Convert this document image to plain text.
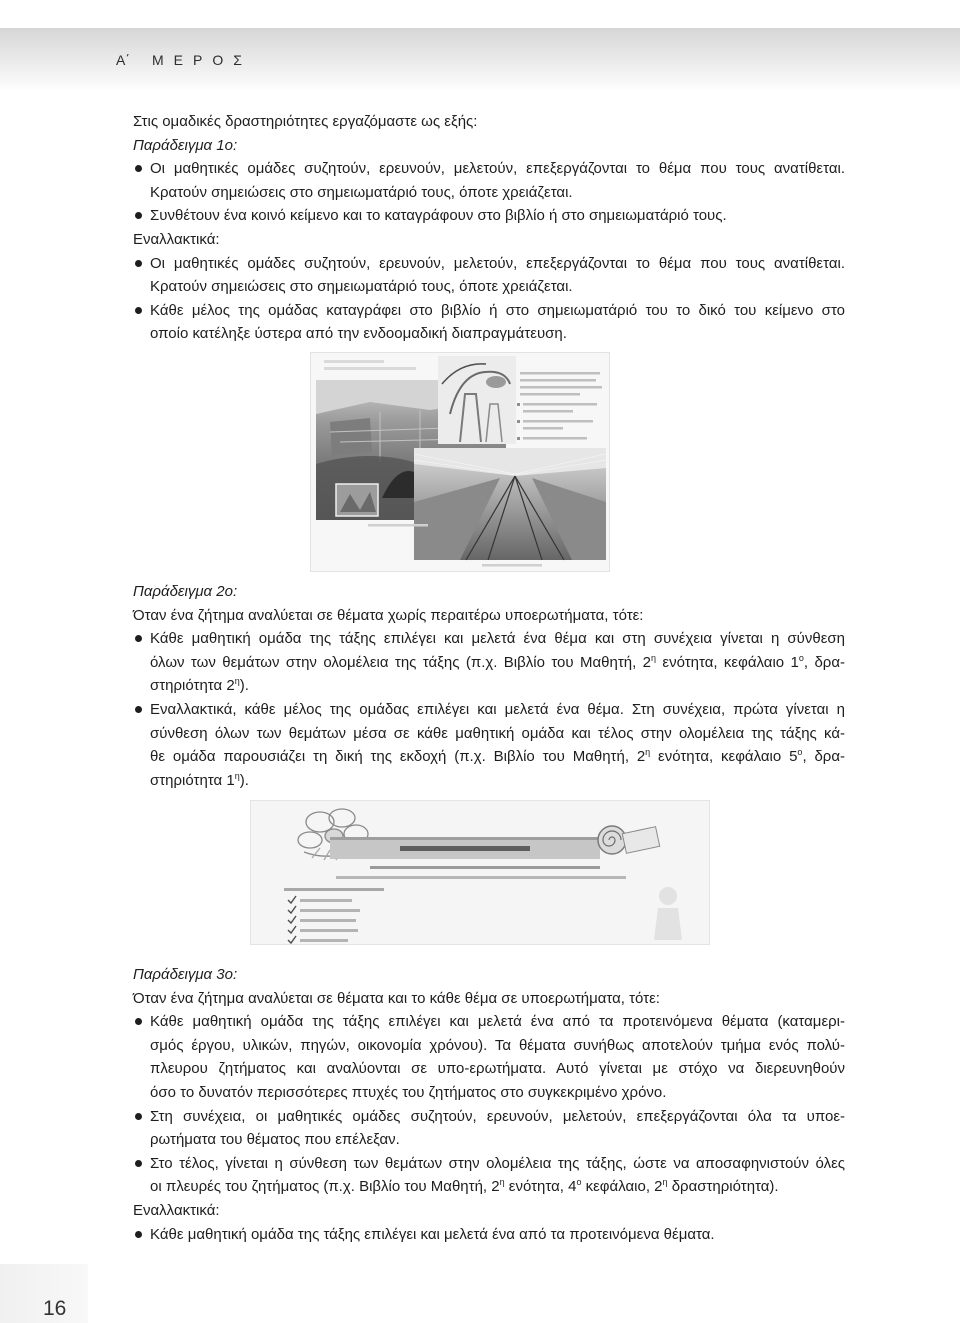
Α΄ ΜΕΡΟΣ
Στις ομαδικές δραστηριότητες εργαζόμαστε ως εξής:
Παράδειγμα 1ο:
Οι μαθητικές ομάδες συζητούν, ερευνούν, μελετούν, επεξεργάζονται το θέμα που τους ανατίθεται.
Κρατούν σημειώσεις στο σημειωματάριό τους, όποτε χρειάζεται.
Συνθέτουν ένα κοινό κείμενο και το καταγράφουν στο βιβλίο ή στο σημειωματάριό τους.
Εναλλακτικά:
Οι μαθητικές ομάδες συζητούν, ερευνούν, μελετούν, επεξεργάζονται το θέμα που τους ανατίθεται.
Κρατούν σημειώσεις στο σημειωματάριό τους, όποτε χρειάζεται.
Κάθε μέλος της ομάδας καταγράφει στο βιβλίο ή στο σημειωματάριό του το δικό του κείμενο στο
οποίο κατέληξε ύστερα από την ενδοομαδική διαπραγμάτευση.
Παράδειγμα 2ο:
Όταν ένα ζήτημα αναλύεται σε θέματα χωρίς περαιτέρω υποερωτήματα, τότε:
Κάθε μαθητική ομάδα της τάξης επιλέγει και μελετά ένα θέμα και στη συνέχεια γίνεται η σύνθεση
όλων των θεμάτων στην ολομέλεια της τάξης (π.χ. Βιβλίο του Μαθητή, $2^\eta$ ενότητα, κεφάλαιο $1^o$, δρα-
στηριότητα $2^\eta$).
Εναλλακτικά, κάθε μέλος της ομάδας επιλέγει και μελετά ένα θέμα. Στη συνέχεια, πρώτα γίνεται η
σύνθεση όλων των θεμάτων μέσα σε κάθε μαθητική ομάδα και τέλος στην ολομέλεια της τάξης κά-
θε ομάδα παρουσιάζει τη δική της εκδοχή (π.χ. Βιβλίο του Μαθητή, $2^\eta$ ενότητα, κεφάλαιο $5^o$, δρα-
στηριότητα $1^\eta$).
Παράδειγμα 3ο:
Όταν ένα ζήτημα αναλύεται σε θέματα και το κάθε θέμα σε υποερωτήματα, τότε:
Κάθε μαθητική ομάδα της τάξης επιλέγει και μελετά ένα από τα προτεινόμενα θέματα (καταμερι-
σμός έργου, υλικών, πηγών, οικονομία χρόνου). Τα θέματα συνήθως αποτελούν τμήμα ενός πολύ-
πλευρου ζητήματος και αναλύονται σε υπο-ερωτήματα. Αυτό γίνεται με στόχο να διερευνηθούν
όσο το δυνατόν περισσότερες πτυχές του ζητήματος στο συγκεκριμένο χρόνο.
Στη συνέχεια, οι μαθητικές ομάδες συζητούν, ερευνούν, μελετούν, επεξεργάζονται όλα τα υποε-
ρωτήματα του θέματος που επέλεξαν.
Στο τέλος, γίνεται η σύνθεση των θεμάτων στην ολομέλεια της τάξης, ώστε να αποσαφηνιστούν όλες
οι πλευρές του ζητήματος (π.χ. Βιβλίο του Μαθητή, $2^\eta$ ενότητα, $4^o$ κεφάλαιο, $2^\eta$ δραστηριότητα).
Εναλλακτικά:
Κάθε μαθητική ομάδα της τάξης επιλέγει και μελετά ένα από τα προτεινόμενα θέματα.
16
